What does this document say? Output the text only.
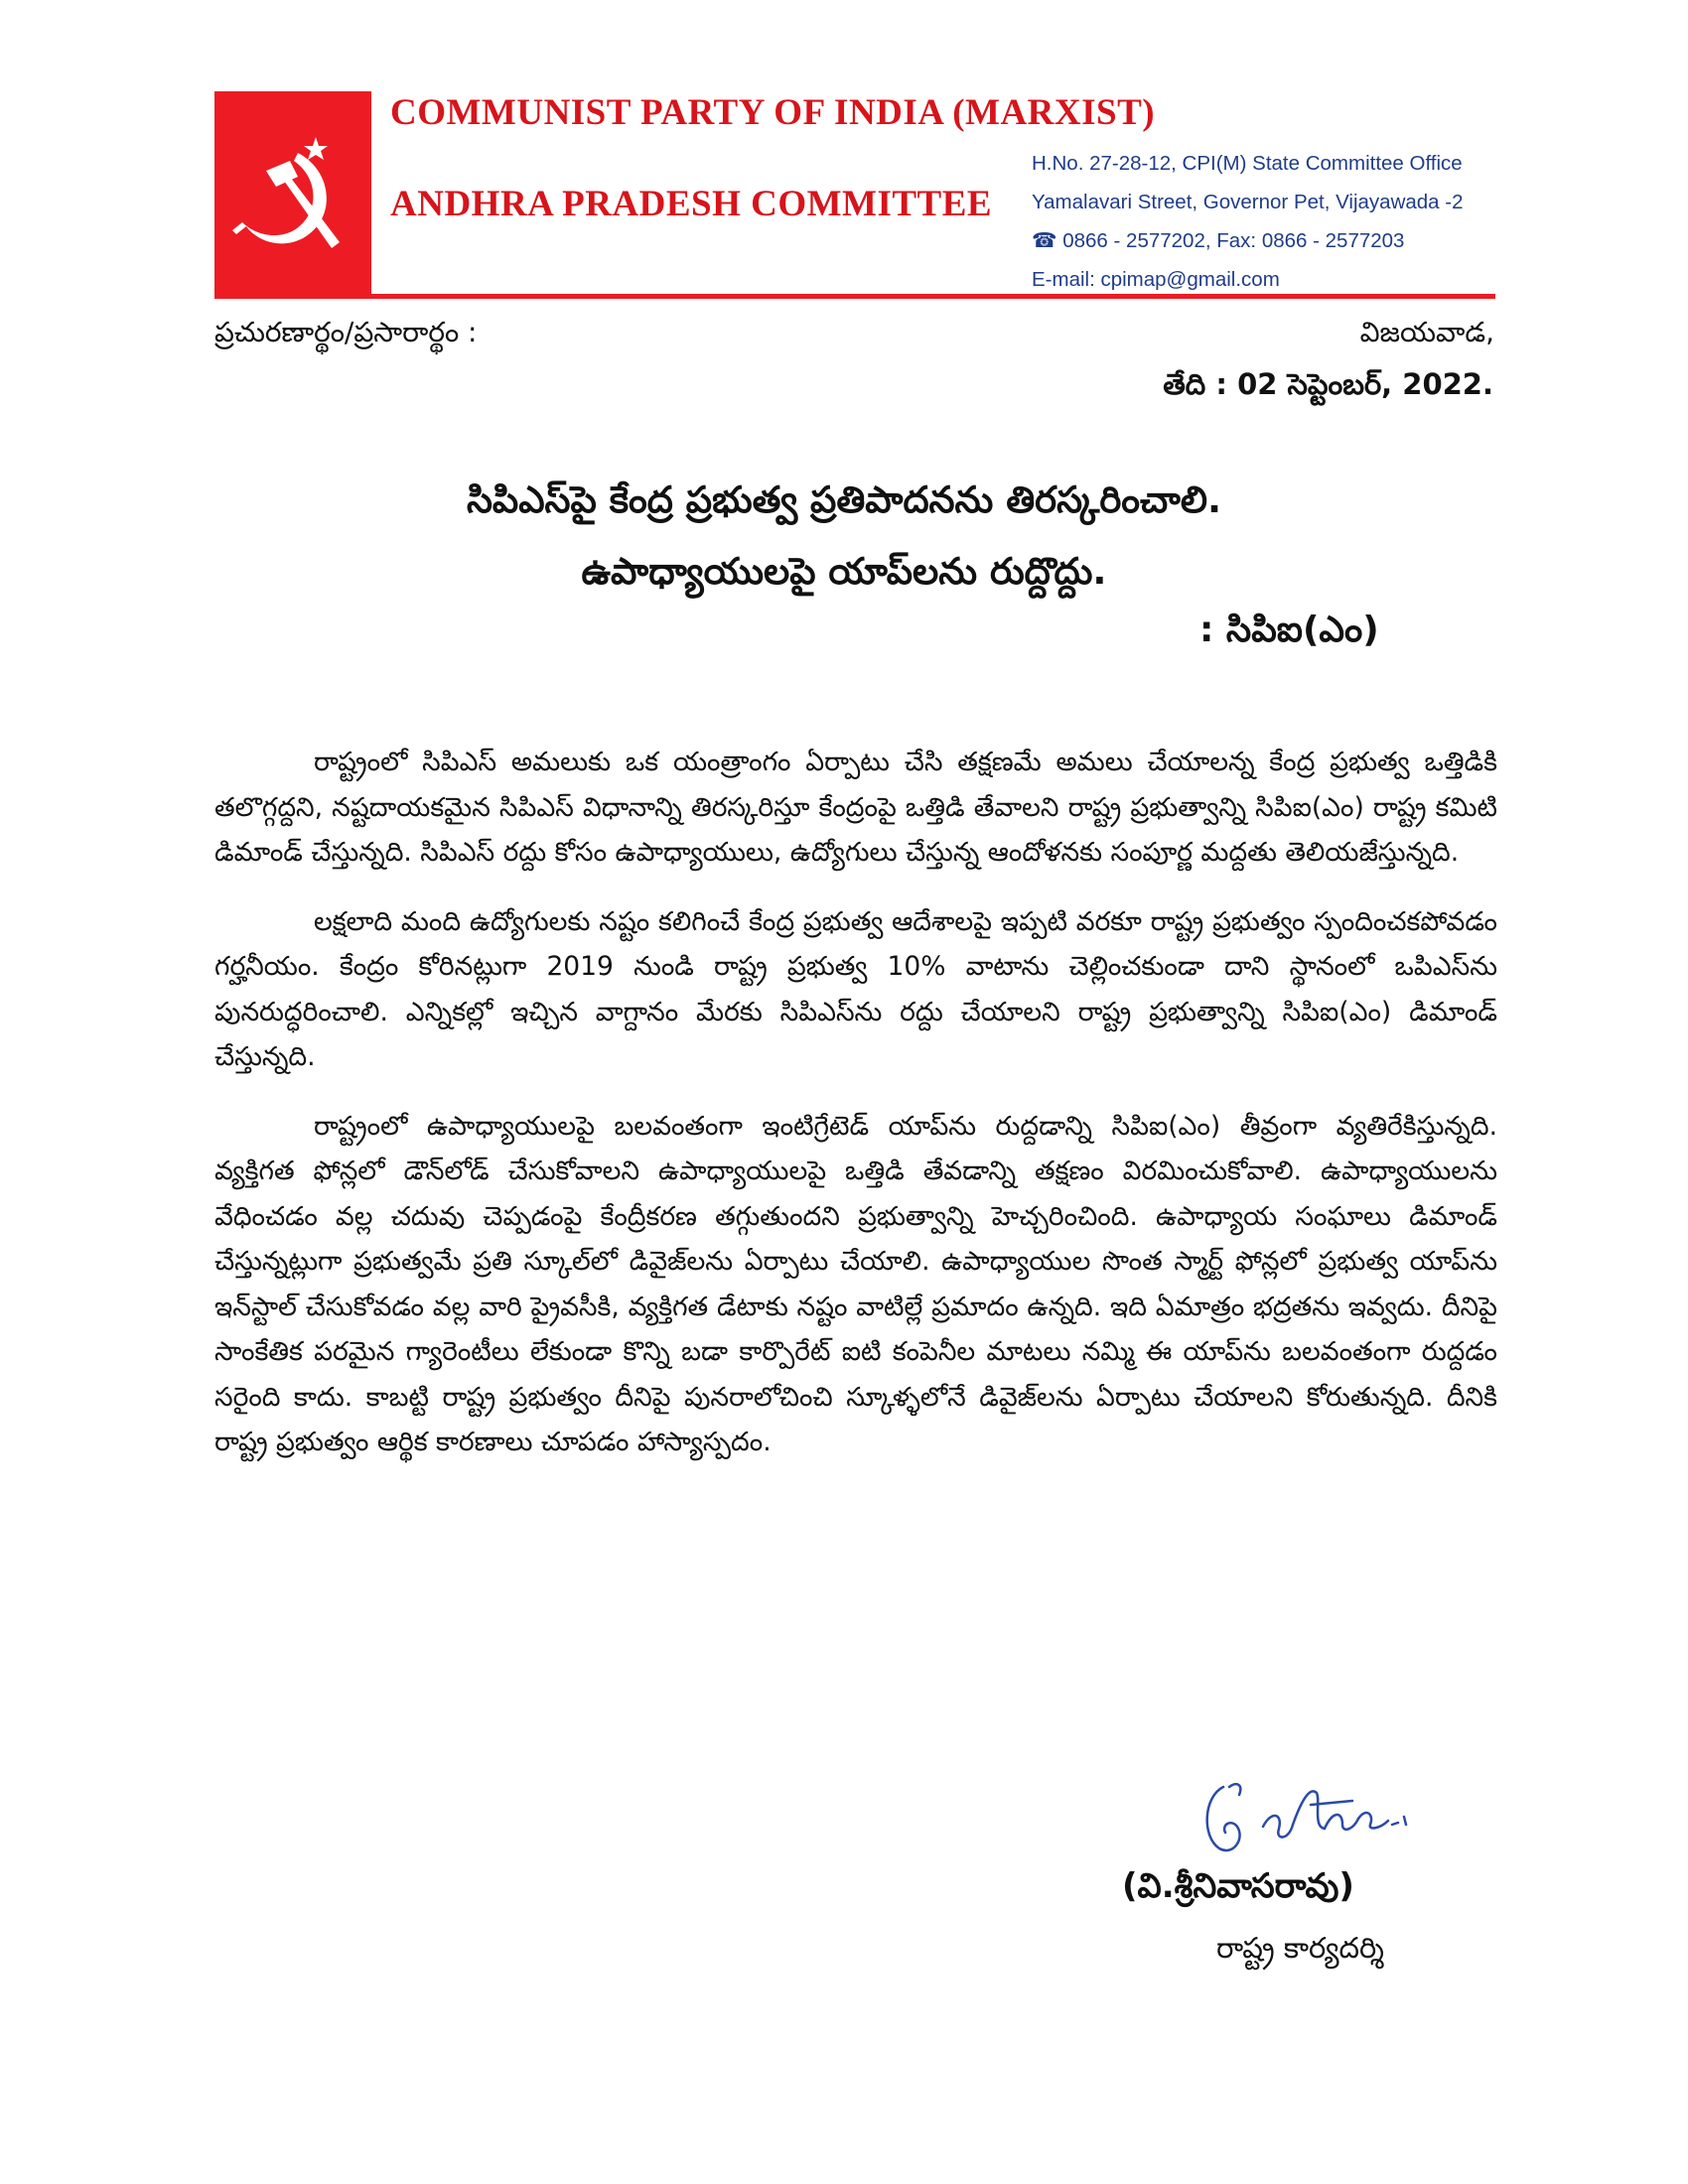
COMMUNIST PARTY OF INDIA (MARXIST)
ANDHRA PRADESH COMMITTEE
H.No. 27-28-12, CPI(M) State Committee Office
Yamalavari Street, Governor Pet, Vijayawada -2
☎ 0866 - 2577202, Fax: 0866 - 2577203
E-mail: cpimap@gmail.com
ప్రచురణార్థం/ప్రసారార్థం :	విజయవాడ,
తేది : 02 సెప్టెంబర్, 2022.
సిపిఎస్‌పై కేంద్ర ప్రభుత్వ ప్రతిపాదనను తిరస్కరించాలి.
ఉపాధ్యాయులపై యాప్‌లను రుద్దొద్దు.
: సిపిఐ(ఎం)

రాష్ట్రంలో సిపిఎస్ అమలుకు ఒక యంత్రాంగం ఏర్పాటు చేసి తక్షణమే అమలు చేయాలన్న కేంద్ర ప్రభుత్వ ఒత్తిడికి తలొగ్గద్దని, నష్టదాయకమైన సిపిఎస్ విధానాన్ని తిరస్కరిస్తూ కేంద్రంపై ఒత్తిడి తేవాలని రాష్ట్ర ప్రభుత్వాన్ని సిపిఐ(ఎం) రాష్ట్ర కమిటి డిమాండ్ చేస్తున్నది. సిపిఎస్ రద్దు కోసం ఉపాధ్యాయులు, ఉద్యోగులు చేస్తున్న ఆందోళనకు సంపూర్ణ మద్దతు తెలియజేస్తున్నది.

లక్షలాది మంది ఉద్యోగులకు నష్టం కలిగించే కేంద్ర ప్రభుత్వ ఆదేశాలపై ఇప్పటి వరకూ రాష్ట్ర ప్రభుత్వం స్పందించకపోవడం గర్హనీయం. కేంద్రం కోరినట్లుగా 2019 నుండి రాష్ట్ర ప్రభుత్వ 10% వాటాను చెల్లించకుండా దాని స్థానంలో ఒపిఎస్‌ను పునరుద్ధరించాలి. ఎన్నికల్లో ఇచ్చిన వాగ్దానం మేరకు సిపిఎస్‌ను రద్దు చేయాలని రాష్ట్ర ప్రభుత్వాన్ని సిపిఐ(ఎం) డిమాండ్ చేస్తున్నది.

రాష్ట్రంలో ఉపాధ్యాయులపై బలవంతంగా ఇంటిగ్రేటెడ్ యాప్‌ను రుద్దడాన్ని సిపిఐ(ఎం) తీవ్రంగా వ్యతిరేకిస్తున్నది. వ్యక్తిగత ఫోన్లలో డౌన్‌లోడ్ చేసుకోవాలని ఉపాధ్యాయులపై ఒత్తిడి తేవడాన్ని తక్షణం విరమించుకోవాలి. ఉపాధ్యాయులను వేధించడం వల్ల చదువు చెప్పడంపై కేంద్రీకరణ తగ్గుతుందని ప్రభుత్వాన్ని హెచ్చరించింది. ఉపాధ్యాయ సంఘాలు డిమాండ్ చేస్తున్నట్లుగా ప్రభుత్వమే ప్రతి స్కూల్‌లో డివైజ్‌లను ఏర్పాటు చేయాలి. ఉపాధ్యాయుల సొంత స్మార్ట్ ఫోన్లలో ప్రభుత్వ యాప్‌ను ఇన్‌స్టాల్ చేసుకోవడం వల్ల వారి ప్రైవసీకి, వ్యక్తిగత డేటాకు నష్టం వాటిల్లే ప్రమాదం ఉన్నది. ఇది ఏమాత్రం భద్రతను ఇవ్వదు. దీనిపై సాంకేతిక పరమైన గ్యారెంటీలు లేకుండా కొన్ని బడా కార్పొరేట్ ఐటి కంపెనీల మాటలు నమ్మి ఈ యాప్‌ను బలవంతంగా రుద్దడం సరైంది కాదు. కాబట్టి రాష్ట్ర ప్రభుత్వం దీనిపై పునరాలోచించి స్కూళ్ళలోనే డివైజ్‌లను ఏర్పాటు చేయాలని కోరుతున్నది. దీనికి రాష్ట్ర ప్రభుత్వం ఆర్థిక కారణాలు చూపడం హాస్యాస్పదం.

(వి.శ్రీనివాసరావు)
రాష్ట్ర కార్యదర్శి
